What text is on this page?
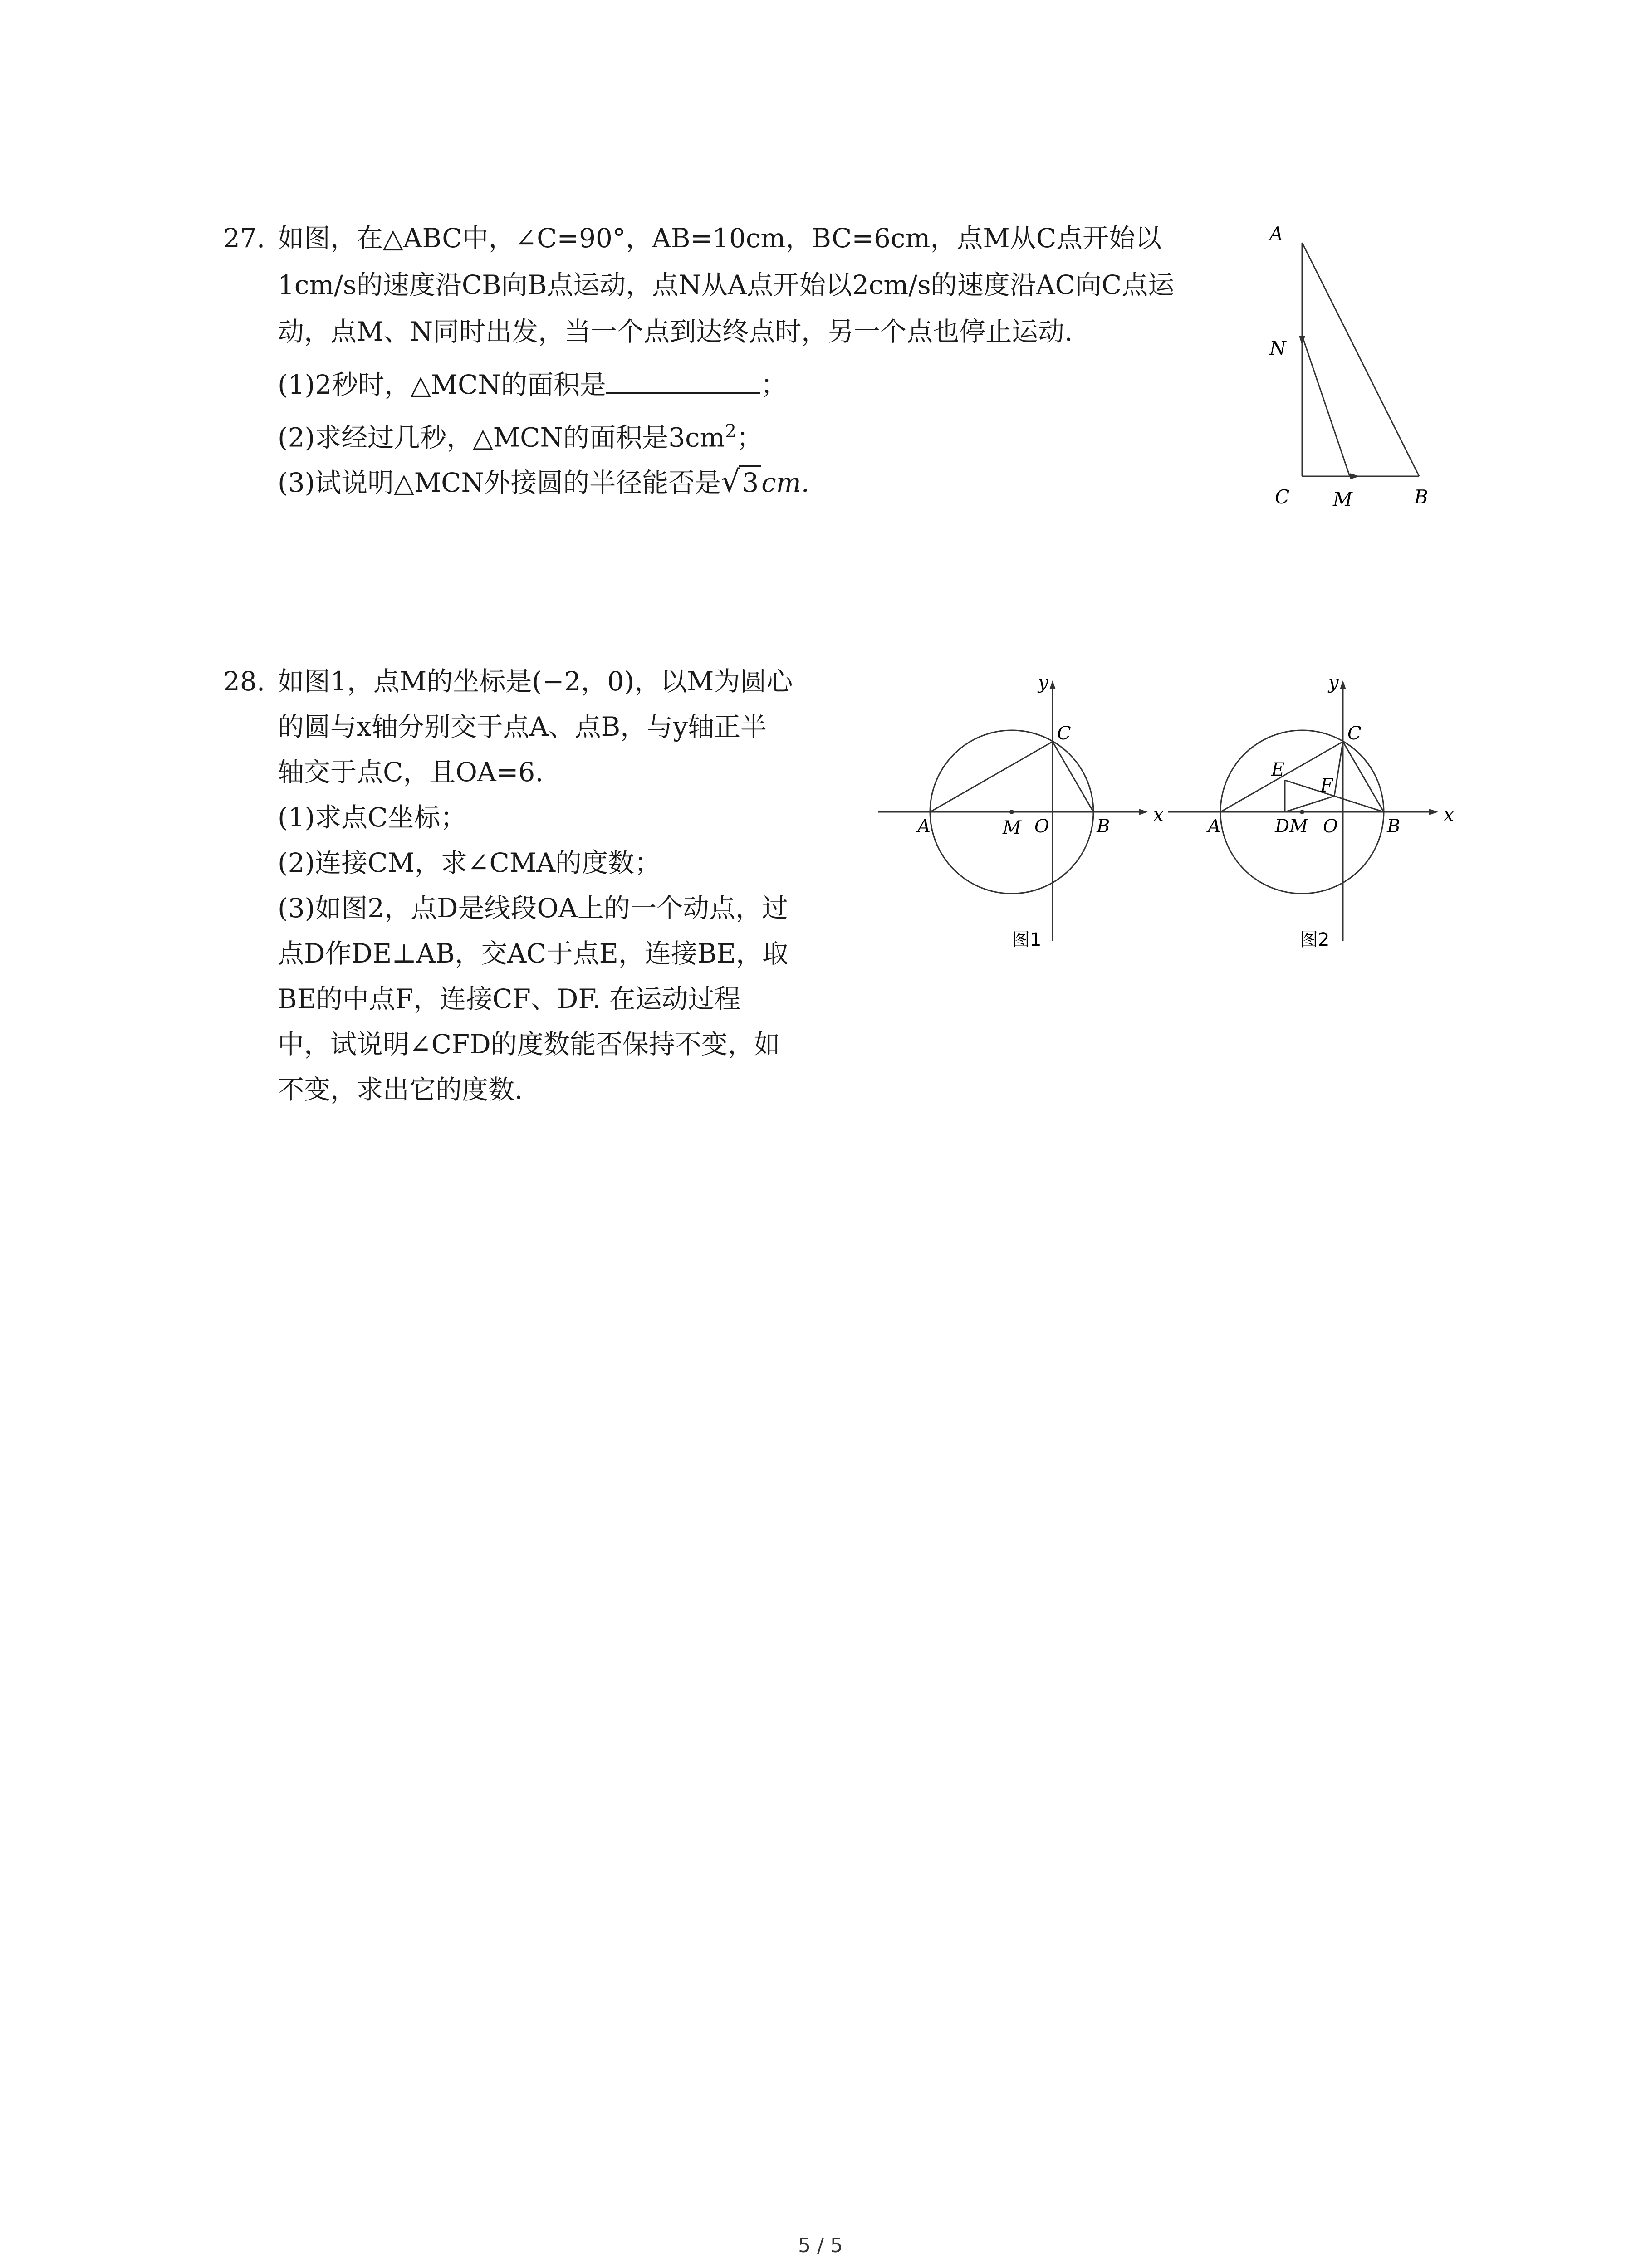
27. 如图，在△ABC中，∠C=90°，AB=10cm，BC=6cm，点M从C点开始以
1cm/s的速度沿CB向B点运动，点N从A点开始以2cm/s的速度沿AC向C点运
动，点M、N同时出发，当一个点到达终点时，另一个点也停止运动.
(1)2秒时，△MCN的面积是	；
(2)求经过几秒，△MCN的面积是$3cm^2$；
(3)试说明△MCN外接圆的半径能否是√3 cm.
A
N
C M	B
28. 如图1，点M的坐标是(−2，0)，以M为圆心
的圆与x轴分别交于点A、点B，与y轴正半
轴交于点C，且OA=6.
(1)求点C坐标；
(2)连接CM，求∠CMA的度数；
(3)如图2，点D是线段OA上的一个动点，过
点D作DE⊥AB，交AC于点E，连接BE，取
BE的中点F，连接CF、DF. 在运动过程
中，试说明∠CFD的度数能否保持不变，如
不变，求出它的度数.
y
x
C
A	M O	B
图1
y
x
C
E
F
A	D M O	B
图2
5 / 5
